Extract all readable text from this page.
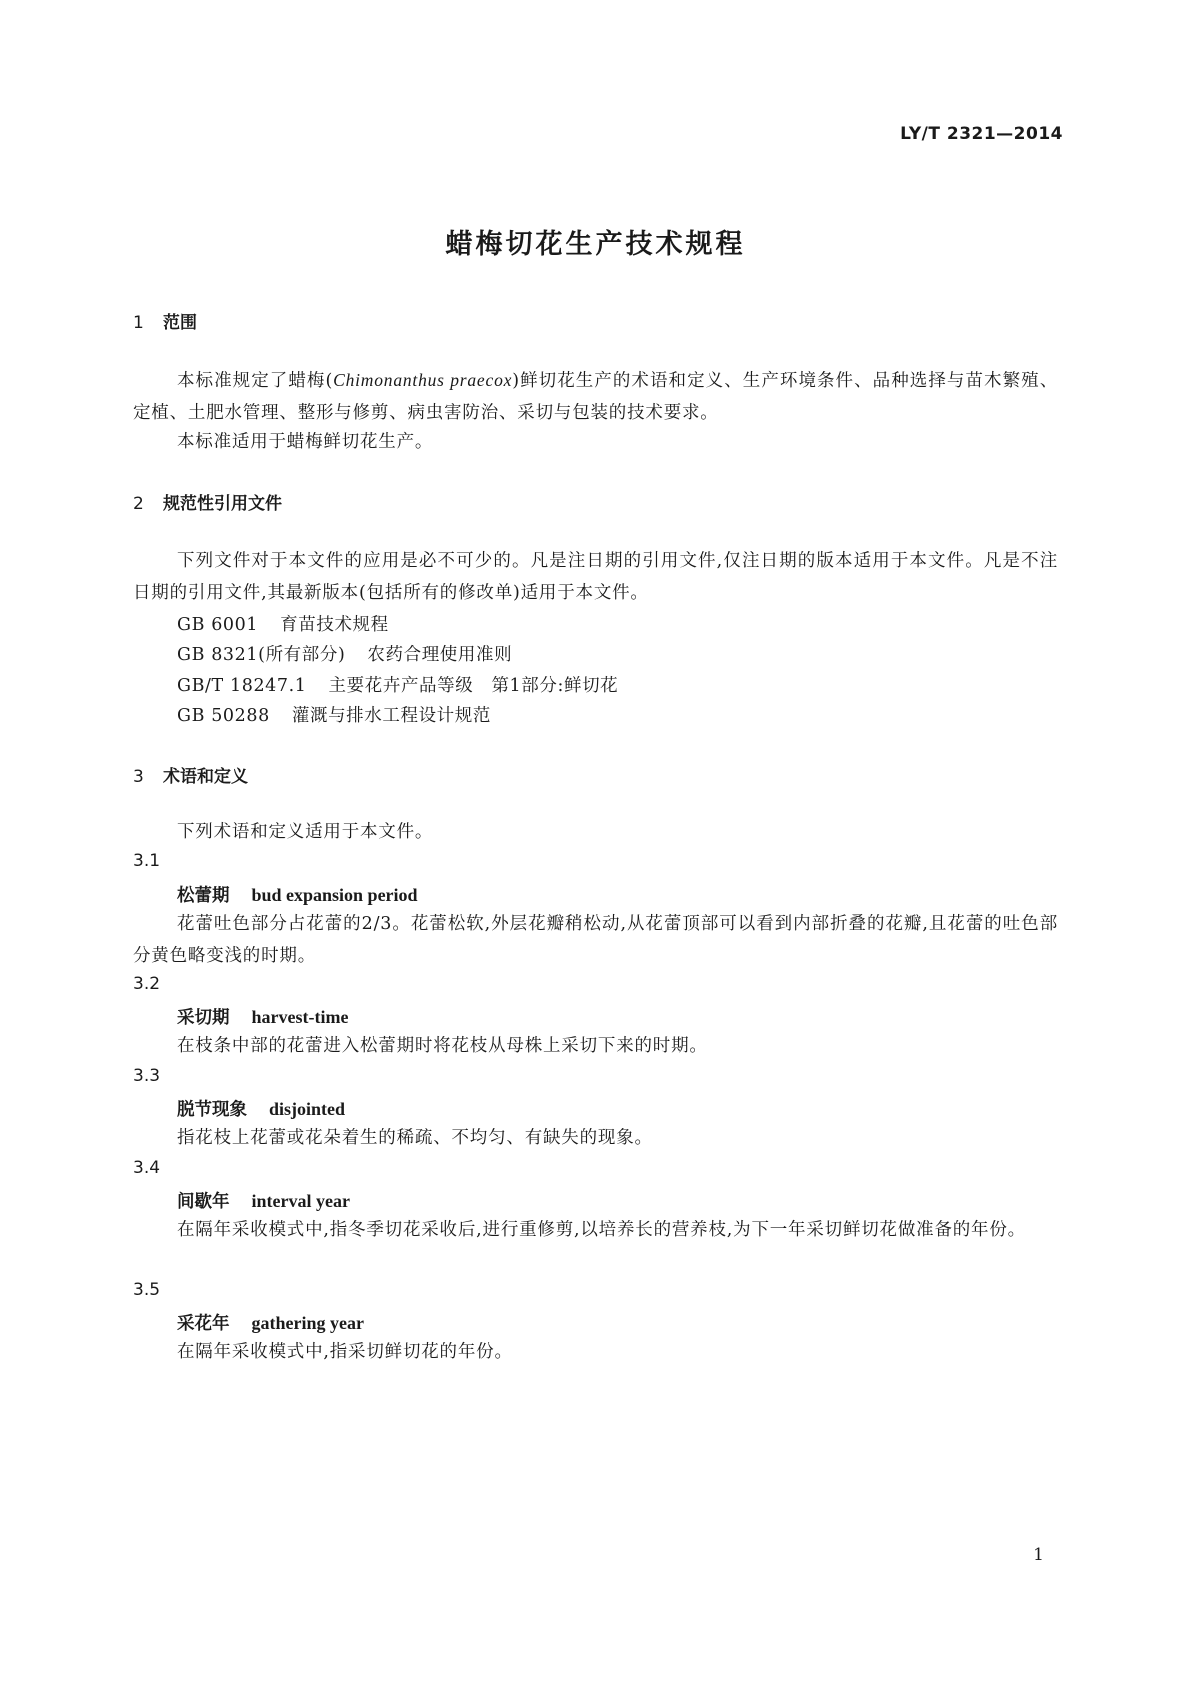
LY/T 2321—2014
蜡梅切花生产技术规程
1 范围
本标准规定了蜡梅(Chimonanthus praecox)鲜切花生产的术语和定义、生产环境条件、品种选择与苗木繁殖、定植、土肥水管理、整形与修剪、病虫害防治、采切与包装的技术要求。
本标准适用于蜡梅鲜切花生产。
2 规范性引用文件
下列文件对于本文件的应用是必不可少的。凡是注日期的引用文件,仅注日期的版本适用于本文件。凡是不注日期的引用文件,其最新版本(包括所有的修改单)适用于本文件。
GB 6001 育苗技术规程
GB 8321(所有部分) 农药合理使用准则
GB/T 18247.1 主要花卉产品等级　第1部分:鲜切花
GB 50288 灌溉与排水工程设计规范
3 术语和定义
下列术语和定义适用于本文件。
3.1
松蕾期 bud expansion period
花蕾吐色部分占花蕾的2/3。花蕾松软,外层花瓣稍松动,从花蕾顶部可以看到内部折叠的花瓣,且花蕾的吐色部分黄色略变浅的时期。
3.2
采切期 harvest-time
在枝条中部的花蕾进入松蕾期时将花枝从母株上采切下来的时期。
3.3
脱节现象 disjointed
指花枝上花蕾或花朵着生的稀疏、不均匀、有缺失的现象。
3.4
间歇年 interval year
在隔年采收模式中,指冬季切花采收后,进行重修剪,以培养长的营养枝,为下一年采切鲜切花做准备的年份。
3.5
采花年 gathering year
在隔年采收模式中,指采切鲜切花的年份。
1
